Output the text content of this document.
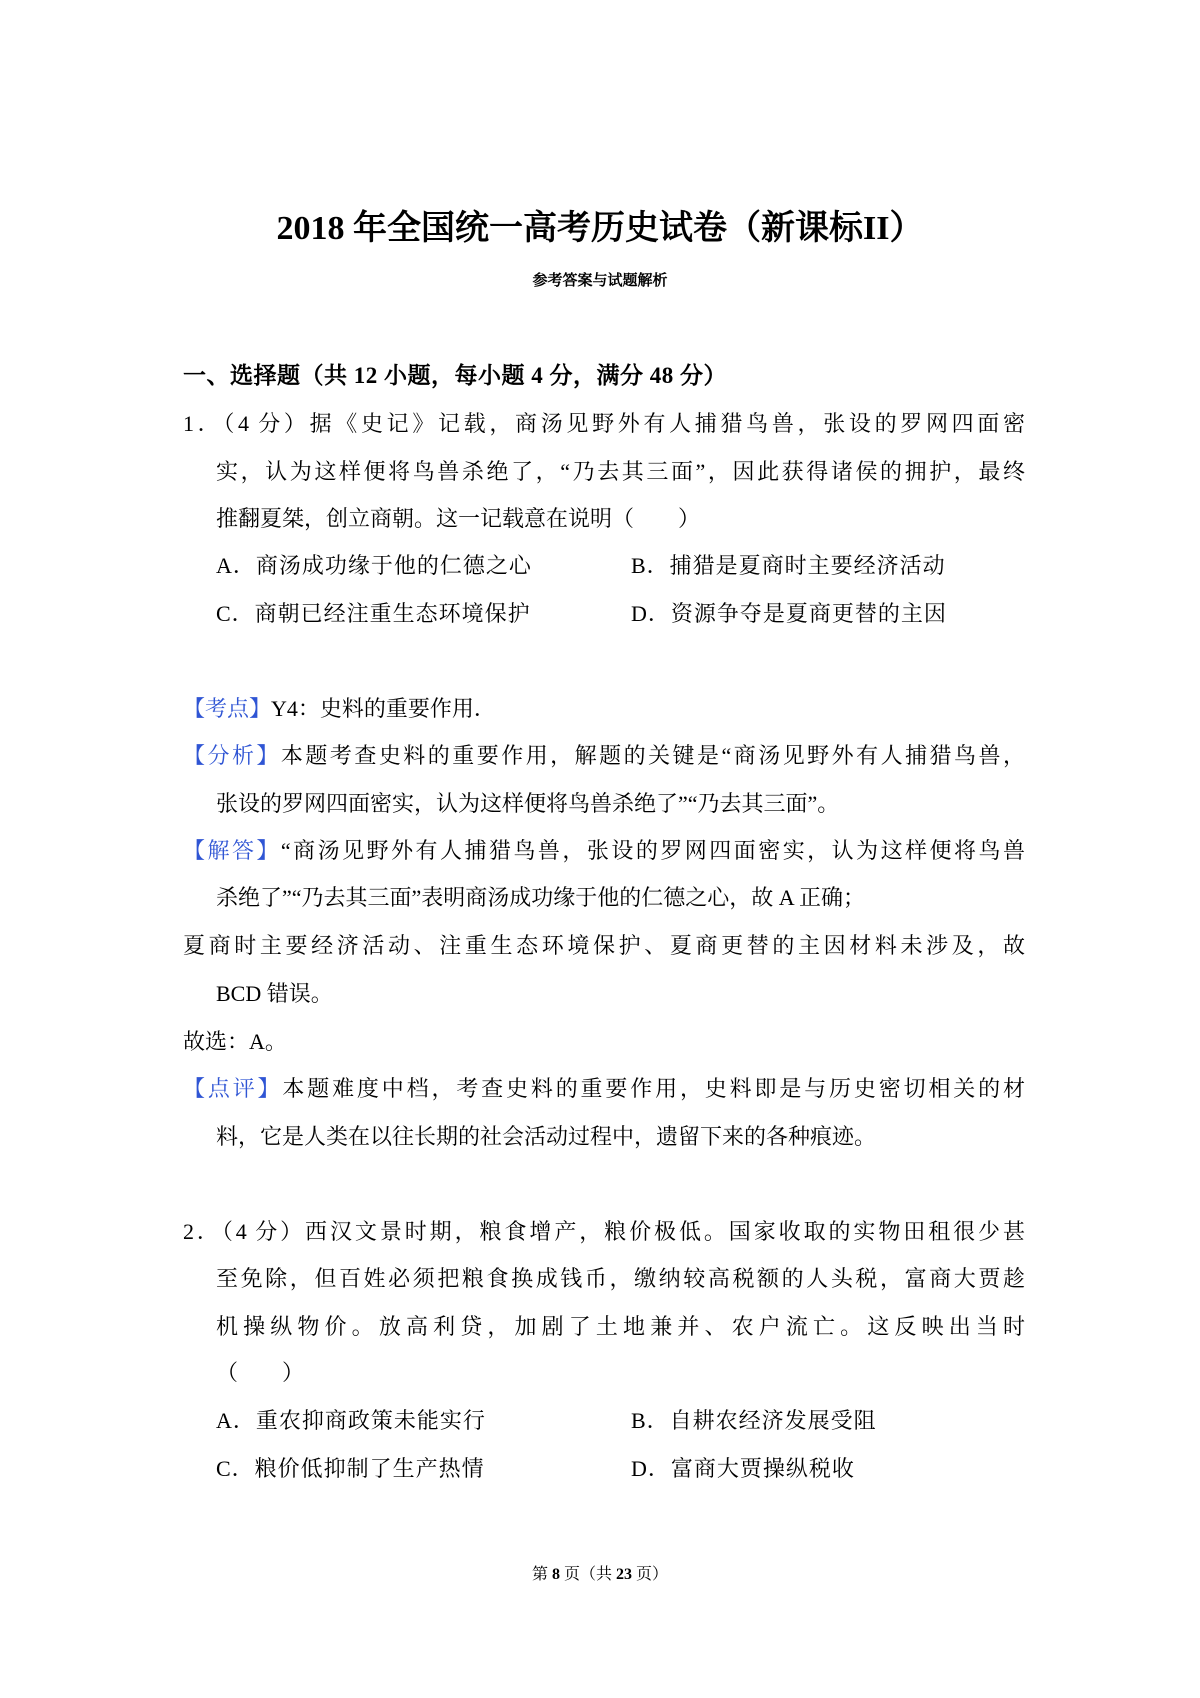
2018 年全国统一高考历史试卷（新课标II）
参考答案与试题解析
一、选择题（共 12 小题，每小题 4 分，满分 48 分）
1．（4 分）据《史记》记载，商汤见野外有人捕猎鸟兽，张设的罗网四面密
实，认为这样便将鸟兽杀绝了，“乃去其三面”，因此获得诸侯的拥护，最终
推翻夏桀，创立商朝。这一记载意在说明（　　）
A．商汤成功缘于他的仁德之心	B．捕猎是夏商时主要经济活动
C．商朝已经注重生态环境保护	D．资源争夺是夏商更替的主因
【考点】Y4：史料的重要作用．
【分析】本题考查史料的重要作用，解题的关键是“商汤见野外有人捕猎鸟兽，
张设的罗网四面密实，认为这样便将鸟兽杀绝了”“乃去其三面”。
【解答】“商汤见野外有人捕猎鸟兽，张设的罗网四面密实，认为这样便将鸟兽
杀绝了”“乃去其三面”表明商汤成功缘于他的仁德之心，故 A 正确；
夏商时主要经济活动、注重生态环境保护、夏商更替的主因材料未涉及，故
BCD 错误。
故选：A。
【点评】本题难度中档，考查史料的重要作用，史料即是与历史密切相关的材
料，它是人类在以往长期的社会活动过程中，遗留下来的各种痕迹。
2．（4 分）西汉文景时期，粮食增产，粮价极低。国家收取的实物田租很少甚
至免除，但百姓必须把粮食换成钱币，缴纳较高税额的人头税，富商大贾趁
机操纵物价。放高利贷，加剧了土地兼并、农户流亡。这反映出当时
（　　）
A．重农抑商政策未能实行	B．自耕农经济发展受阻
C．粮价低抑制了生产热情	D．富商大贾操纵税收
第 8 页（共 23 页）
